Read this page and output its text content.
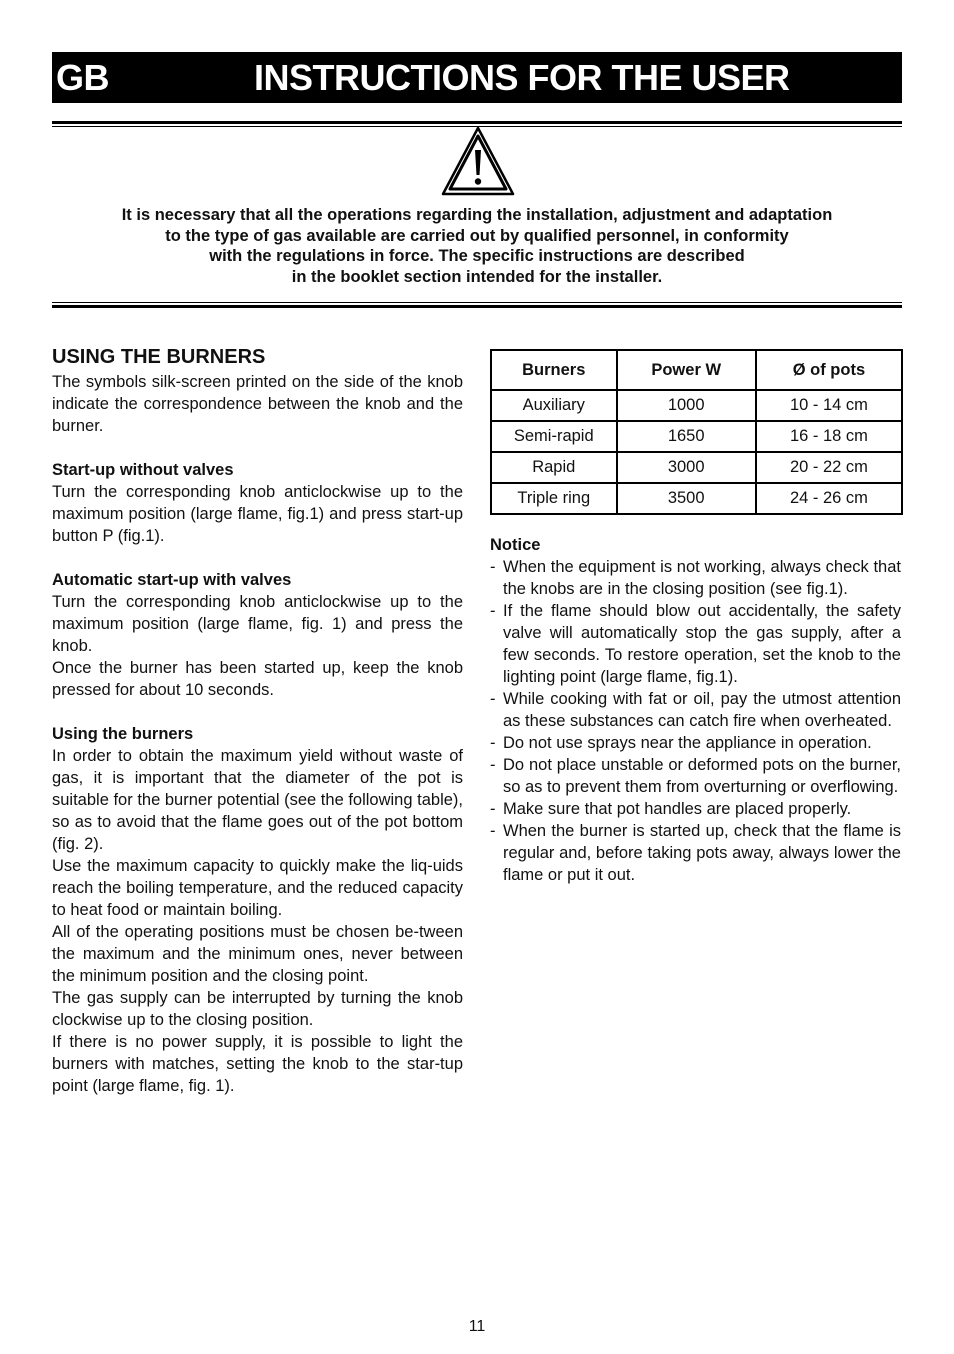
GB	INSTRUCTIONS FOR THE USER
It is necessary that all the operations regarding the installation, adjustment and adaptation
to the type of gas available are carried out by qualified personnel, in conformity
with the regulations in force. The specific instructions are described
in the booklet section intended for the installer.
USING THE BURNERS

The symbols silk-screen printed on the side of the knob indicate the correspondence between the knob and the burner.

Start-up without valves

Turn the corresponding knob anticlockwise up to the maximum position (large flame, fig.1) and press start-up button P (fig.1).

Automatic start-up with valves

Turn the corresponding knob anticlockwise up to the maximum position (large flame, fig. 1) and press the knob.

Once the burner has been started up, keep the knob pressed for about 10 seconds.

Using the burners

In order to obtain the maximum yield without waste of gas, it is important that the diameter of the pot is suitable for the burner potential (see the following table), so as to avoid that the flame goes out of the pot bottom (fig. 2).

Use the maximum capacity to quickly make the liq-uids reach the boiling temperature, and the reduced capacity to heat food or maintain boiling.

All of the operating positions must be chosen be-tween the maximum and the minimum ones, never between the minimum position and the closing point.

The gas supply can be interrupted by turning the knob clockwise up to the closing position.

If there is no power supply, it is possible to light the burners with matches, setting the knob to the star-tup point (large flame, fig. 1).

Burners	Power W	Ø of pots
Auxiliary	1000	10 - 14 cm
Semi-rapid	1650	16 - 18 cm
Rapid	3000	20 - 22 cm
Triple ring	3500	24 - 26 cm

Notice

- When the equipment is not working, always check that the knobs are in the closing position (see fig.1).
- If the flame should blow out accidentally, the safety valve will automatically stop the gas supply, after a few seconds. To restore operation, set the knob to the lighting point (large flame, fig.1).
- While cooking with fat or oil, pay the utmost attention as these substances can catch fire when overheated.
- Do not use sprays near the appliance in operation.
- Do not place unstable or deformed pots on the burner, so as to prevent them from overturning or overflowing.
- Make sure that pot handles are placed properly.
- When the burner is started up, check that the flame is regular and, before taking pots away, always lower the flame or put it out.
11
